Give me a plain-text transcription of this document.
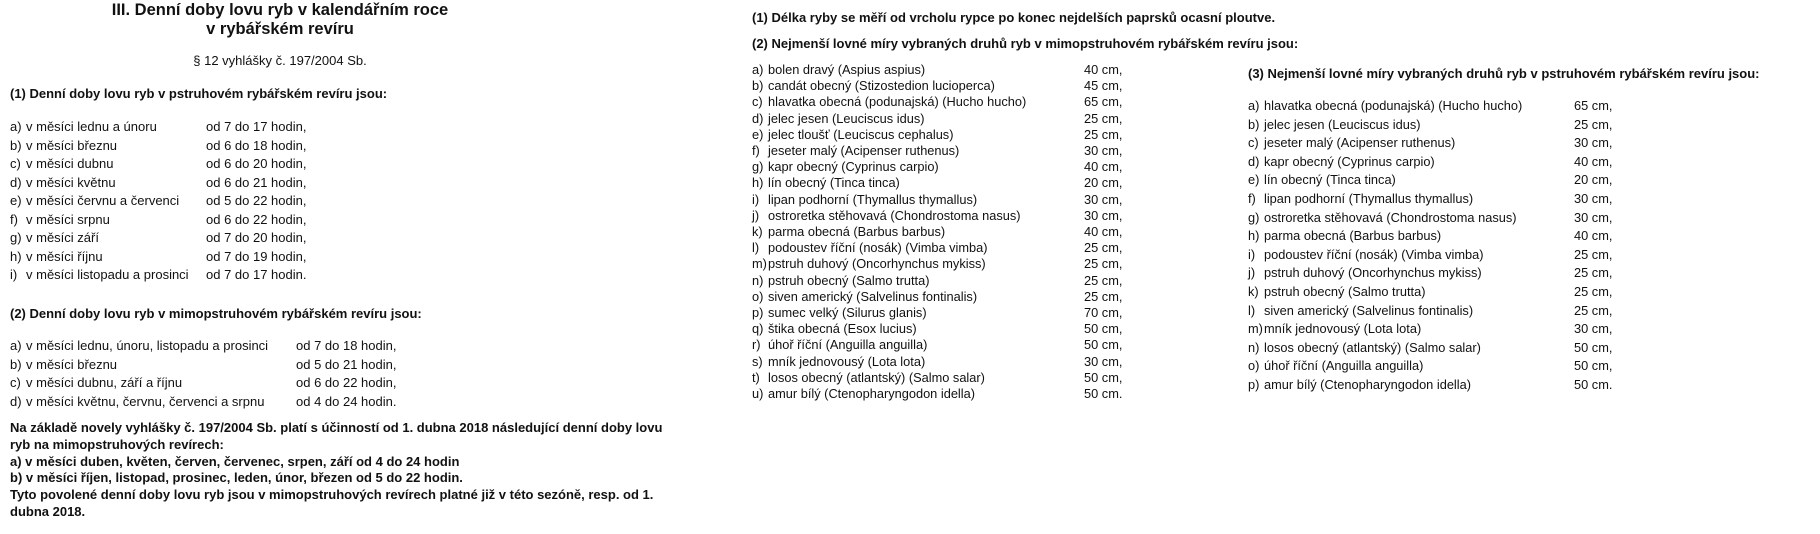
III. Denní doby lovu ryb v kalendářním roce
v rybářském revíru
§ 12 vyhlášky č. 197/2004 Sb.
(1) Denní doby lovu ryb v pstruhovém rybářském revíru jsou:
a) v měsíci lednu a únoru	od 7 do 17 hodin,
b) v měsíci březnu	od 6 do 18 hodin,
c) v měsíci dubnu	od 6 do 20 hodin,
d) v měsíci květnu	od 6 do 21 hodin,
e) v měsíci červnu a červenci od 5 do 22 hodin,
f) v měsíci srpnu	od 6 do 22 hodin,
g) v měsíci září	od 7 do 20 hodin,
h) v měsíci říjnu	od 7 do 19 hodin,
i) v měsíci listopadu a prosinci od 7 do 17 hodin.
(2) Denní doby lovu ryb v mimopstruhovém rybářském revíru jsou:
a) v měsíci lednu, únoru, listopadu a prosinci od 7 do 18 hodin,
b) v měsíci březnu	od 5 do 21 hodin,
c) v měsíci dubnu, září a říjnu	od 6 do 22 hodin,
d) v měsíci květnu, červnu, červenci a srpnu od 4 do 24 hodin.
Na základě novely vyhlášky č. 197/2004 Sb. platí s účinností od 1. dubna 2018 následující denní doby lovu
ryb na mimopstruhových revírech:
a) v měsíci duben, květen, červen, červenec, srpen, září od 4 do 24 hodin
b) v měsíci říjen, listopad, prosinec, leden, únor, březen od 5 do 22 hodin.
Tyto povolené denní doby lovu ryb jsou v mimopstruhových revírech platné již v této sezóně, resp. od 1.
dubna 2018.
(1) Délka ryby se měří od vrcholu rypce po konec nejdelších paprsků ocasní ploutve.
(2) Nejmenší lovné míry vybraných druhů ryb v mimopstruhovém rybářském revíru jsou:
a) bolen dravý (Aspius aspius)	40 cm,
b) candát obecný (Stizostedion lucioperca)	45 cm,
c) hlavatka obecná (podunajská) (Hucho hucho)	65 cm,
d) jelec jesen (Leuciscus idus)	25 cm,
e) jelec tloušť (Leuciscus cephalus)	25 cm,
f) jeseter malý (Acipenser ruthenus)	30 cm,
g) kapr obecný (Cyprinus carpio)	40 cm,
h) lín obecný (Tinca tinca)	20 cm,
i) lipan podhorní (Thymallus thymallus)	30 cm,
j) ostroretka stěhovavá (Chondrostoma nasus)	30 cm,
k) parma obecná (Barbus barbus)	40 cm,
l) podoustev říční (nosák) (Vimba vimba)	25 cm,
m)pstruh duhový (Oncorhynchus mykiss)	25 cm,
n) pstruh obecný (Salmo trutta)	25 cm,
o) siven americký (Salvelinus fontinalis)	25 cm,
p) sumec velký (Silurus glanis)	70 cm,
q) štika obecná (Esox lucius)	50 cm,
r) úhoř říční (Anguilla anguilla)	50 cm,
s) mník jednovousý (Lota lota)	30 cm,
t) losos obecný (atlantský) (Salmo salar)	50 cm,
u) amur bílý (Ctenopharyngodon idella)	50 cm.
(3) Nejmenší lovné míry vybraných druhů ryb v pstruhovém rybářském revíru jsou:
a) hlavatka obecná (podunajská) (Hucho hucho)	65 cm,
b) jelec jesen (Leuciscus idus)	25 cm,
c) jeseter malý (Acipenser ruthenus)	30 cm,
d) kapr obecný (Cyprinus carpio)	40 cm,
e) lín obecný (Tinca tinca)	20 cm,
f) lipan podhorní (Thymallus thymallus)	30 cm,
g) ostroretka stěhovavá (Chondrostoma nasus)	30 cm,
h) parma obecná (Barbus barbus)	40 cm,
i) podoustev říční (nosák) (Vimba vimba)	25 cm,
j) pstruh duhový (Oncorhynchus mykiss)	25 cm,
k) pstruh obecný (Salmo trutta)	25 cm,
l) siven americký (Salvelinus fontinalis)	25 cm,
m)mník jednovousý (Lota lota)	30 cm,
n) losos obecný (atlantský) (Salmo salar)	50 cm,
o) úhoř říční (Anguilla anguilla)	50 cm,
p) amur bílý (Ctenopharyngodon idella)	50 cm.
